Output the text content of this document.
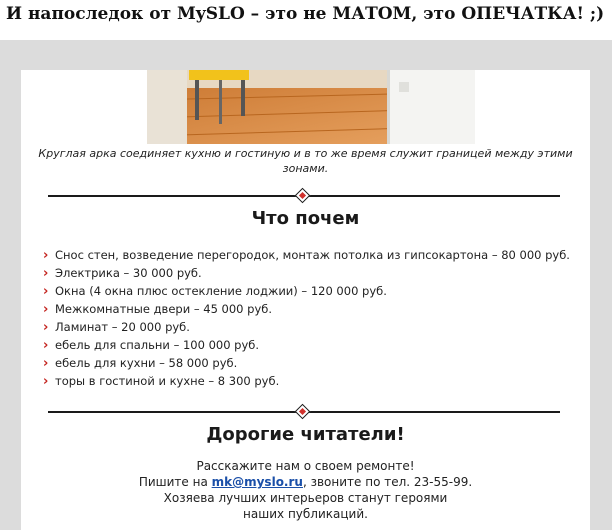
И напоследок от MySLO – это не МАТОМ, это ОПЕЧАТКА! ;)
Круглая арка соединяет кухню и гостиную и в то же время служит границей между этими
зонами.
Что почем
› Снос стен, возведение перегородок, монтаж потолка из гипсокартона – 80 000 руб.
› Электрика – 30 000 руб.
› Окна (4 окна плюс остекление лоджии) – 120 000 руб.
› Межкомнатные двери – 45 000 руб.
› Ламинат – 20 000 руб.
› ебель для спальни – 100 000 руб.
› ебель для кухни – 58 000 руб.
› торы в гостиной и кухне – 8 300 руб.
Дорогие читатели!
Расскажите нам о своем ремонте!
Пишите на mk@myslo.ru, звоните по тел. 23-55-99.
Хозяева лучших интерьеров станут героями
наших публикаций.
